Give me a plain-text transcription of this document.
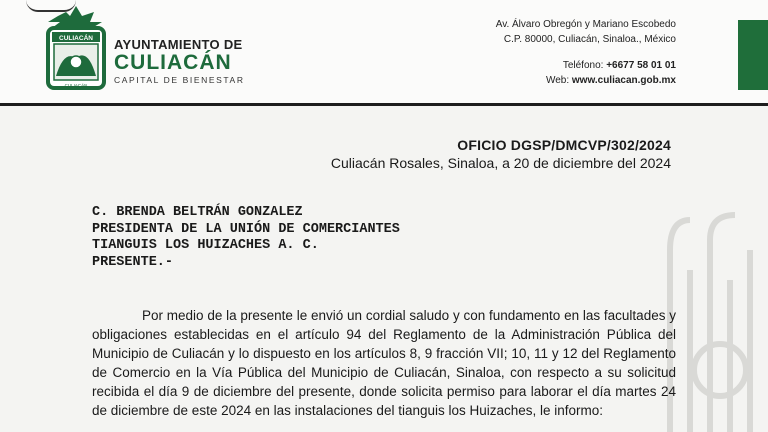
CULIACÁN
CULIACÁN
AYUNTAMIENTO DE
CULIACÁN
CAPITAL DE BIENESTAR
Av. Álvaro Obregón y Mariano Escobedo
C.P. 80000, Culiacán, Sinaloa., México
Teléfono: +6677 58 01 01
Web: www.culiacan.gob.mx
OFICIO DGSP/DMCVP/302/2024
Culiacán Rosales, Sinaloa, a 20 de diciembre del 2024
C. BRENDA BELTRÁN GONZALEZ
PRESIDENTA DE LA UNIÓN DE COMERCIANTES
TIANGUIS LOS HUIZACHES A. C.
PRESENTE.-

Por medio de la presente le envió un cordial saludo y con fundamento en las facultades y obligaciones establecidas en el artículo 94 del Reglamento de la Administración Pública del Municipio de Culiacán y lo dispuesto en los artículos 8, 9 fracción VII; 10, 11 y 12 del Reglamento de Comercio en la Vía Pública del Municipio de Culiacán, Sinaloa, con respecto a su solicitud recibida el día 9 de diciembre del presente, donde solicita permiso para laborar el día martes 24 de diciembre de este 2024 en las instalaciones del tianguis los Huizaches, le informo:
